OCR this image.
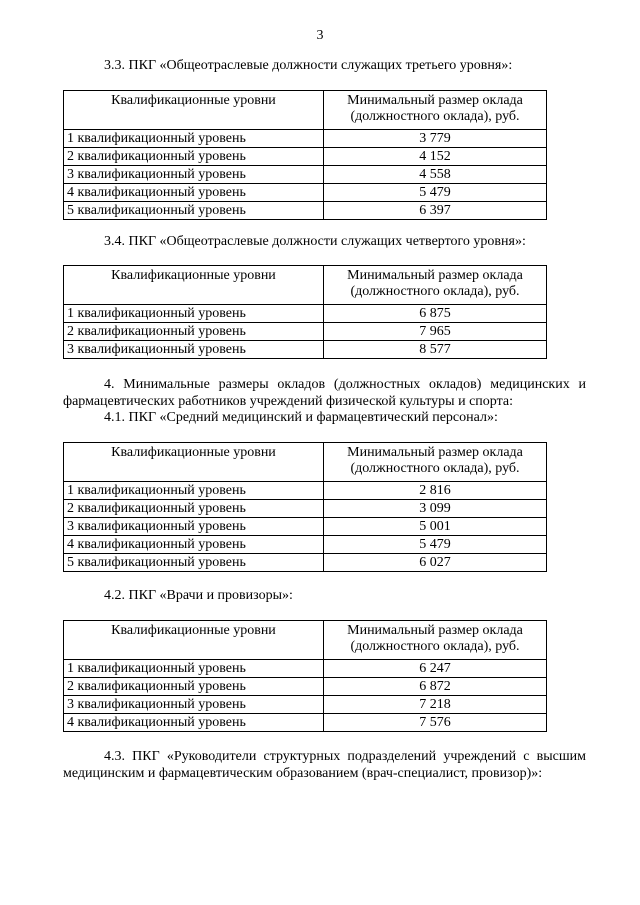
3
3.3. ПКГ «Общеотраслевые должности служащих третьего уровня»:
Квалификационные уровни	Минимальный размер оклада
(должностного оклада), руб.

1 квалификационный уровень	3 779
2 квалификационный уровень	4 152
3 квалификационный уровень	4 558
4 квалификационный уровень	5 479
5 квалификационный уровень	6 397
3.4. ПКГ «Общеотраслевые должности служащих четвертого уровня»:
Квалификационные уровни	Минимальный размер оклада
(должностного оклада), руб.

1 квалификационный уровень	6 875
2 квалификационный уровень	7 965
3 квалификационный уровень	8 577
4. Минимальные размеры окладов (должностных окладов) медицинских и фармацевтических работников учреждений физической культуры и спорта:
4.1. ПКГ «Средний медицинский и фармацевтический персонал»:
Квалификационные уровни	Минимальный размер оклада
(должностного оклада), руб.

1 квалификационный уровень	2 816
2 квалификационный уровень	3 099
3 квалификационный уровень	5 001
4 квалификационный уровень	5 479
5 квалификационный уровень	6 027
4.2. ПКГ «Врачи и провизоры»:
Квалификационные уровни	Минимальный размер оклада
(должностного оклада), руб.

1 квалификационный уровень	6 247
2 квалификационный уровень	6 872
3 квалификационный уровень	7 218
4 квалификационный уровень	7 576
4.3. ПКГ «Руководители структурных подразделений учреждений с высшим медицинским и фармацевтическим образованием (врач-специалист, провизор)»:
